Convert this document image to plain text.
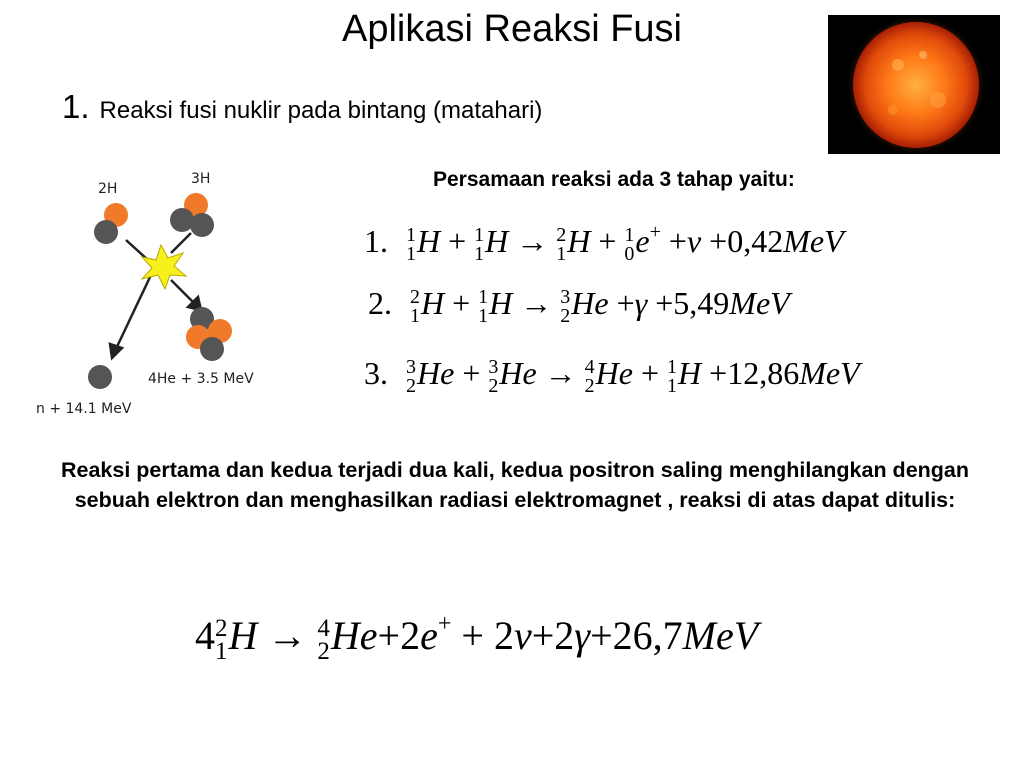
Aplikasi Reaksi Fusi
1. Reaksi fusi nuklir pada bintang (matahari)
2H
3H
4He + 3.5 MeV
n + 14.1 MeV
Persamaan reaksi ada 3 tahap yaitu:
1. 1
1 H + 1
1 H → 2
1 H + 1
0 e+ +ν +0,42MeV
2. 2
1 H + 1
1 H → 3
2 He +γ +5,49MeV
3. 3
2 He + 3
2 He → 4
2 He + 1
1 H +12,86MeV
Reaksi pertama dan kedua terjadi dua kali, kedua positron saling menghilangkan dengan sebuah elektron dan menghasilkan radiasi elektromagnet , reaksi di atas dapat ditulis:
4 2
1 H → 4
2 He+2e+ + 2ν+2γ+26,7MeV
